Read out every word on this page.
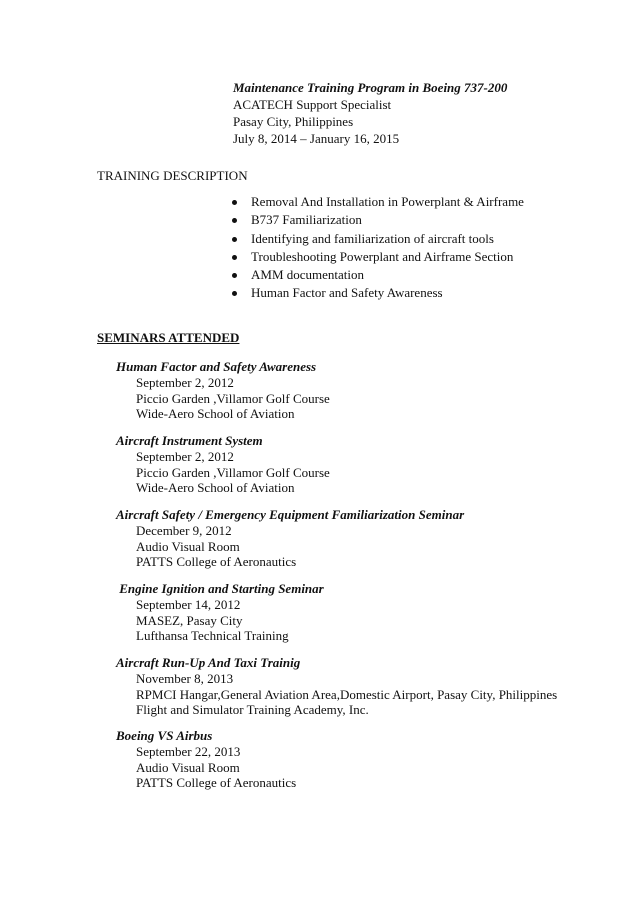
Maintenance Training Program in Boeing 737-200
ACATECH Support Specialist
Pasay City, Philippines
July 8, 2014 – January 16, 2015
TRAINING DESCRIPTION
Removal And Installation in Powerplant & Airframe
B737 Familiarization
Identifying and familiarization of aircraft tools
Troubleshooting Powerplant and Airframe Section
AMM documentation
Human Factor and Safety Awareness
SEMINARS ATTENDED
Human Factor and Safety Awareness
September 2, 2012
Piccio Garden ,Villamor Golf Course
Wide-Aero School of Aviation
Aircraft Instrument System
September 2, 2012
Piccio Garden ,Villamor Golf Course
Wide-Aero School of Aviation
Aircraft Safety / Emergency Equipment Familiarization Seminar
December 9, 2012
Audio Visual Room
PATTS College of Aeronautics
Engine Ignition and Starting Seminar
September 14, 2012
MASEZ, Pasay City
Lufthansa Technical Training
Aircraft Run-Up And Taxi Trainig
November 8, 2013
RPMCI Hangar,General Aviation Area,Domestic Airport, Pasay City, Philippines
Flight and Simulator Training Academy, Inc.
Boeing VS Airbus
September 22, 2013
Audio Visual Room
PATTS College of Aeronautics
